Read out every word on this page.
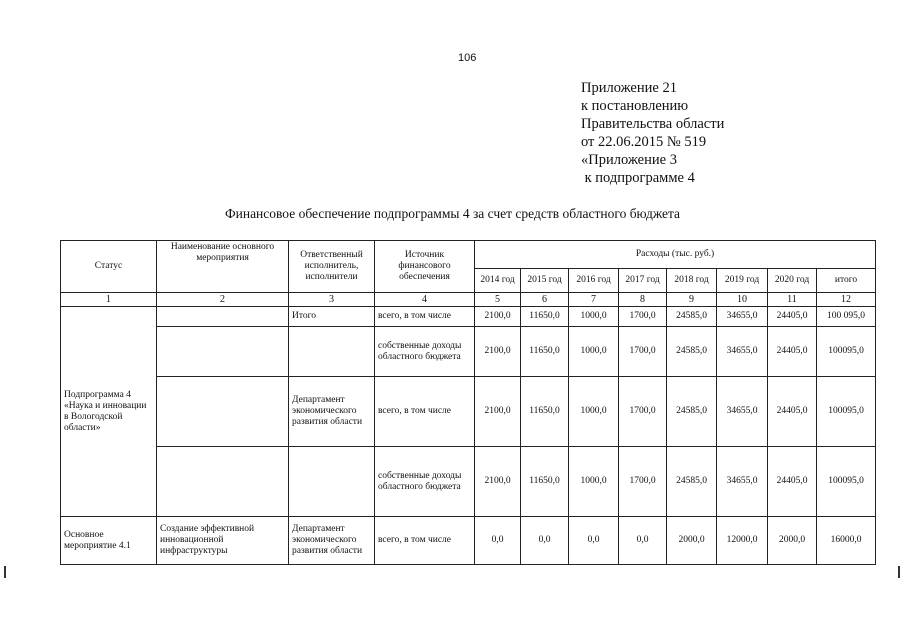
106
Приложение 21
к постановлению
Правительства области
от 22.06.2015 № 519
«Приложение 3
к подпрограмме 4
Финансовое обеспечение подпрограммы 4 за счет средств областного бюджета
Статус	Наименование основного мероприятия	Ответственный исполнитель, исполнители	Источник финансового обеспечения	Расходы (тыс. руб.)							
				2014 год	2015 год	2016 год	2017 год	2018 год	2019 год	2020 год	итого
1	2	3	4	5	6	7	8	9	10	11	12
Подпрограмма 4 «Наука и инновации в Вологодской области»		Итого	всего, в том числе	2100,0	11650,0	1000,0	1700,0	24585,0	34655,0	24405,0	100 095,0
			собственные доходы областного бюджета	2100,0	11650,0	1000,0	1700,0	24585,0	34655,0	24405,0	100095,0
		Департамент экономического развития области	всего, в том числе	2100,0	11650,0	1000,0	1700,0	24585,0	34655,0	24405,0	100095,0
			собственные доходы областного бюджета	2100,0	11650,0	1000,0	1700,0	24585,0	34655,0	24405,0	100095,0
Основное мероприятие 4.1	Создание эффективной инновационной инфраструктуры	Департамент экономического развития области	всего, в том числе	0,0	0,0	0,0	0,0	2000,0	12000,0	2000,0	16000,0
